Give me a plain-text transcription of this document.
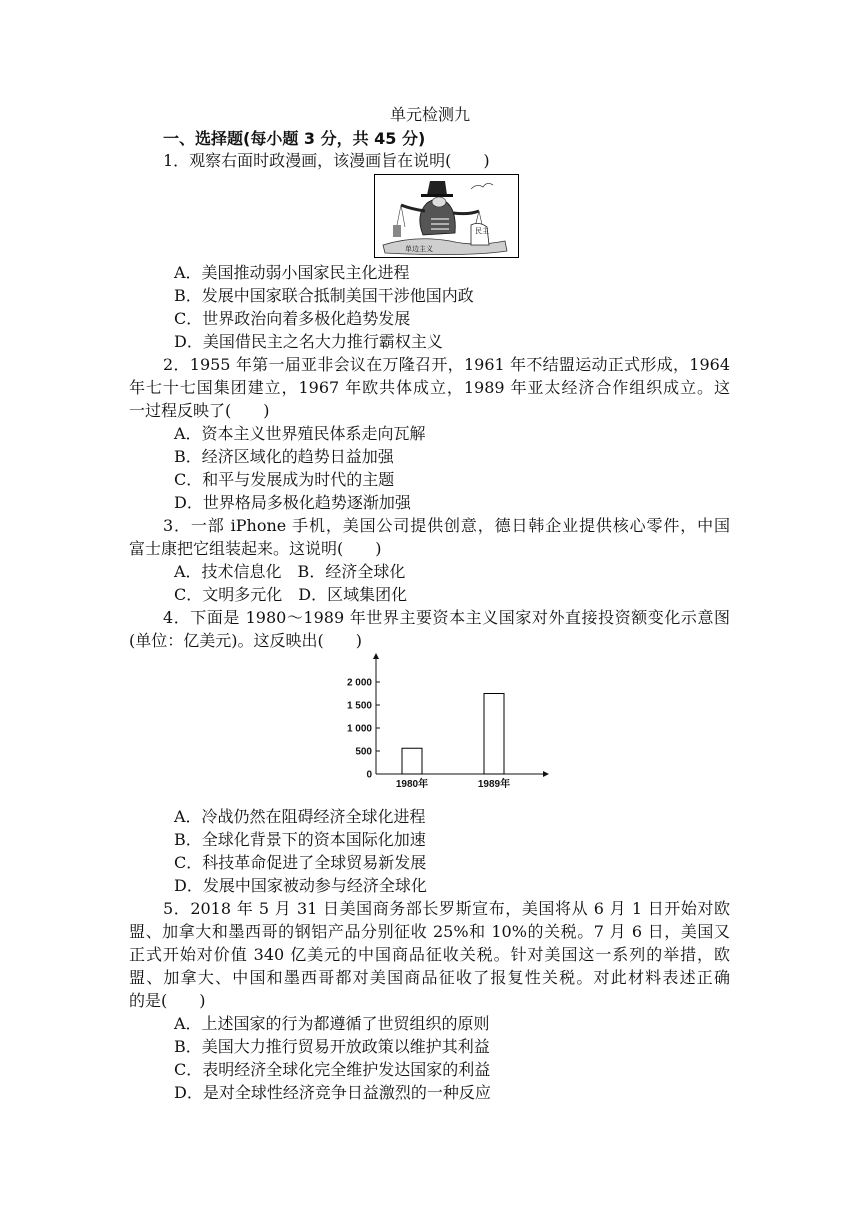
单元检测九
一、选择题(每小题 3 分，共 45 分)
1．观察右面时政漫画，该漫画旨在说明(　　)
民主
单边主义
A．美国推动弱小国家民主化进程
B．发展中国家联合抵制美国干涉他国内政
C．世界政治向着多极化趋势发展
D．美国借民主之名大力推行霸权主义
2．1955 年第一届亚非会议在万隆召开，1961 年不结盟运动正式形成，1964
年七十七国集团建立，1967 年欧共体成立，1989 年亚太经济合作组织成立。这
一过程反映了(　　)
A．资本主义世界殖民体系走向瓦解
B．经济区域化的趋势日益加强
C．和平与发展成为时代的主题
D．世界格局多极化趋势逐渐加强
3．一部 iPhone 手机，美国公司提供创意，德日韩企业提供核心零件，中国
富士康把它组装起来。这说明(　　)
A．技术信息化　B．经济全球化
C．文明多元化　D．区域集团化
4．下面是 1980～1989 年世界主要资本主义国家对外直接投资额变化示意图
(单位：亿美元)。这反映出(　　)
0
500
1 000
1 500
2 000
1980年	1989年
A．冷战仍然在阻碍经济全球化进程
B．全球化背景下的资本国际化加速
C．科技革命促进了全球贸易新发展
D．发展中国家被动参与经济全球化
5．2018 年 5 月 31 日美国商务部长罗斯宣布，美国将从 6 月 1 日开始对欧
盟、加拿大和墨西哥的钢铝产品分别征收 25%和 10%的关税。7 月 6 日，美国又
正式开始对价值 340 亿美元的中国商品征收关税。针对美国这一系列的举措，欧
盟、加拿大、中国和墨西哥都对美国商品征收了报复性关税。对此材料表述正确
的是(　　)
A．上述国家的行为都遵循了世贸组织的原则
B．美国大力推行贸易开放政策以维护其利益
C．表明经济全球化完全维护发达国家的利益
D．是对全球性经济竞争日益激烈的一种反应
